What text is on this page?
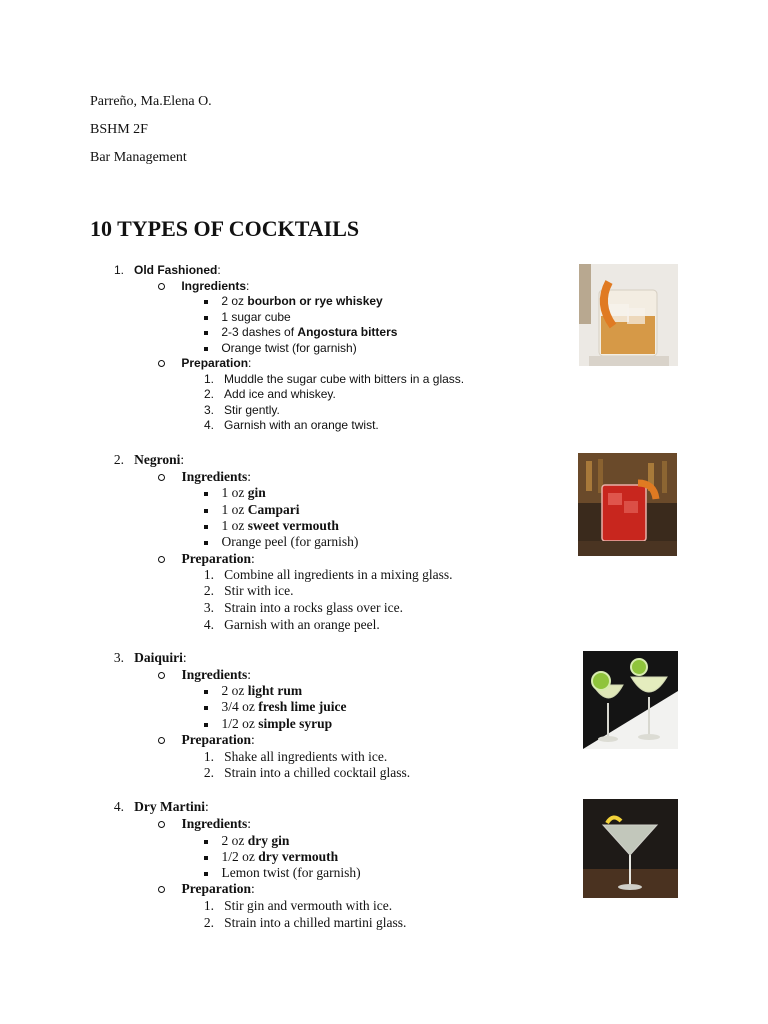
Parreño, Ma.Elena O.
BSHM 2F
Bar Management
10 TYPES OF COCKTAILS
1. Old Fashioned:
Ingredients:
2 oz bourbon or rye whiskey
1 sugar cube
2-3 dashes of Angostura bitters
Orange twist (for garnish)
Preparation:
1. Muddle the sugar cube with bitters in a glass.
2. Add ice and whiskey.
3. Stir gently.
4. Garnish with an orange twist.
2. Negroni:
Ingredients:
1 oz gin
1 oz Campari
1 oz sweet vermouth
Orange peel (for garnish)
Preparation:
1. Combine all ingredients in a mixing glass.
2. Stir with ice.
3. Strain into a rocks glass over ice.
4. Garnish with an orange peel.
3. Daiquiri:
Ingredients:
2 oz light rum
3/4 oz fresh lime juice
1/2 oz simple syrup
Preparation:
1. Shake all ingredients with ice.
2. Strain into a chilled cocktail glass.
4. Dry Martini:
Ingredients:
2 oz dry gin
1/2 oz dry vermouth
Lemon twist (for garnish)
Preparation:
1. Stir gin and vermouth with ice.
2. Strain into a chilled martini glass.
